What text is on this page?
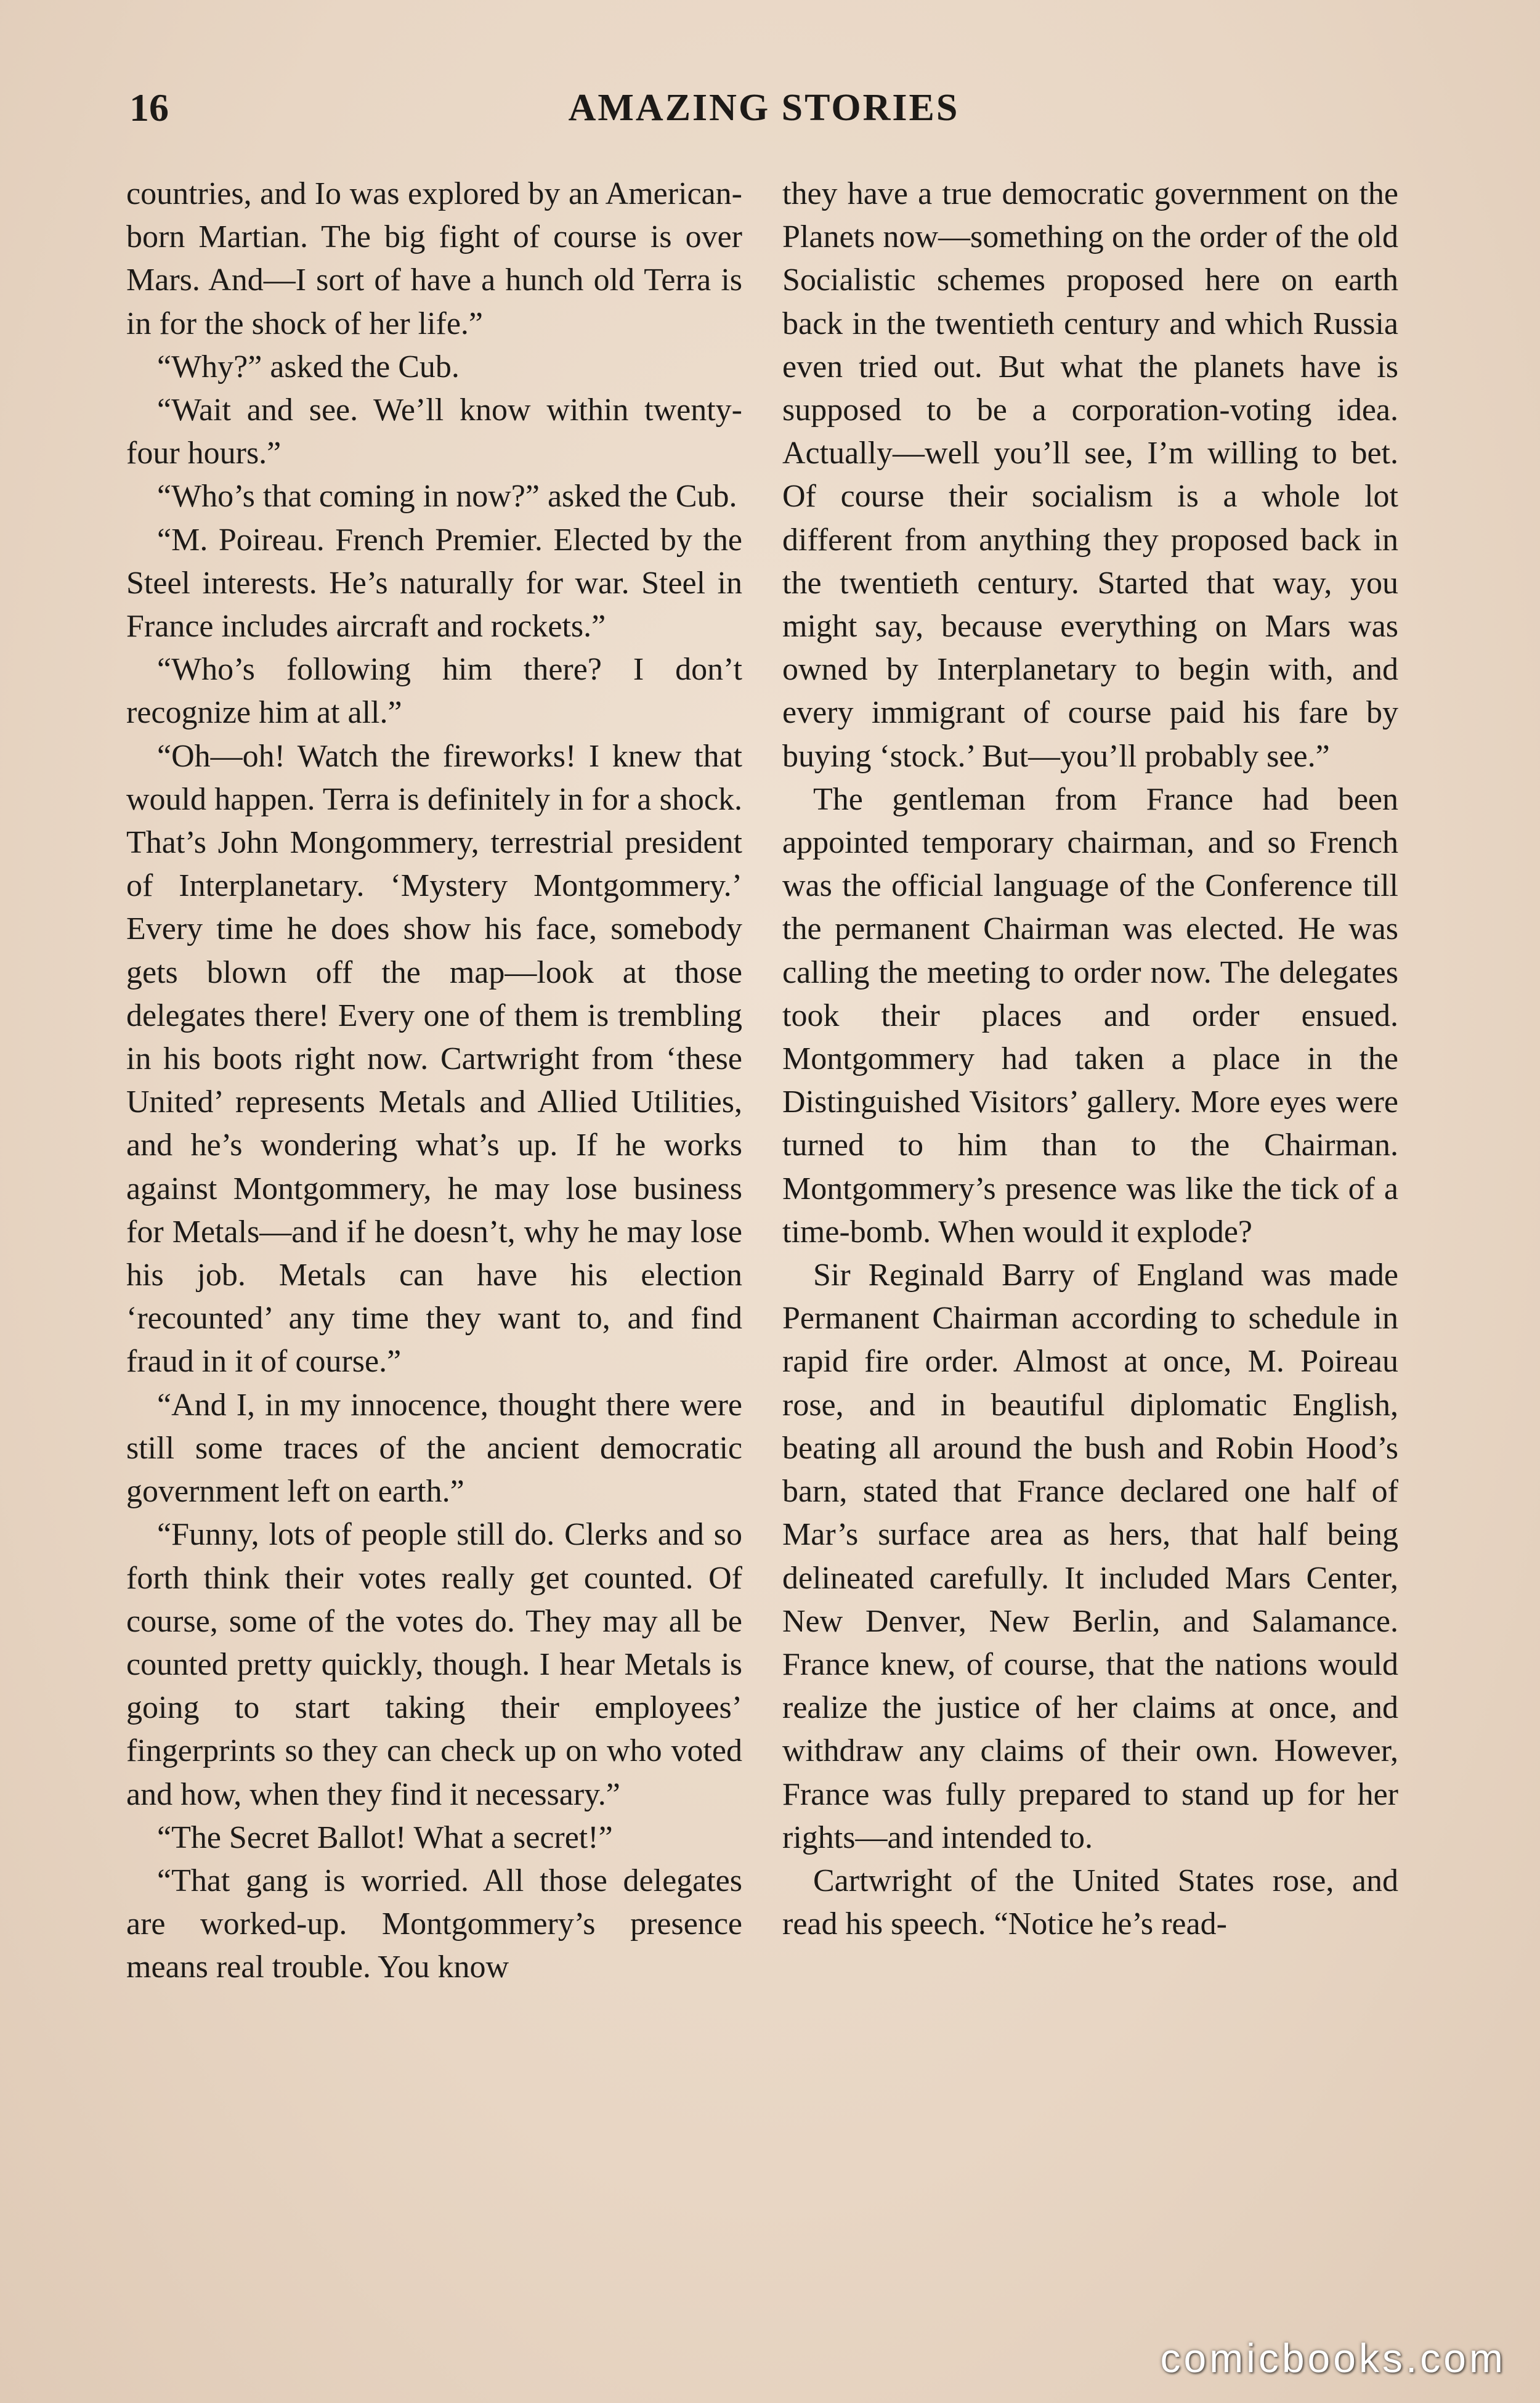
16	AMAZING STORIES

countries, and Io was explored by an American-born Martian. The big fight of course is over Mars. And—I sort of have a hunch old Terra is in for the shock of her life.”

“Why?” asked the Cub.

“Wait and see. We’ll know within twenty-four hours.”

“Who’s that coming in now?” asked the Cub.

“M. Poireau. French Premier. Elected by the Steel interests. He’s naturally for war. Steel in France includes aircraft and rockets.”

“Who’s following him there? I don’t recognize him at all.”

“Oh—oh! Watch the fireworks! I knew that would happen. Terra is definitely in for a shock. That’s John Mongommery, terrestrial president of Interplanetary. ‘Mystery Montgommery.’ Every time he does show his face, somebody gets blown off the map—look at those delegates there! Every one of them is trembling in his boots right now. Cartwright from ‘these United’ represents Metals and Allied Utilities, and he’s wondering what’s up. If he works against Montgommery, he may lose business for Metals—and if he doesn’t, why he may lose his job. Metals can have his election ‘recounted’ any time they want to, and find fraud in it of course.”

“And I, in my innocence, thought there were still some traces of the ancient democratic government left on earth.”

“Funny, lots of people still do. Clerks and so forth think their votes really get counted. Of course, some of the votes do. They may all be counted pretty quickly, though. I hear Metals is going to start taking their employees’ fingerprints so they can check up on who voted and how, when they find it necessary.”

“The Secret Ballot! What a secret!”

“That gang is worried. All those delegates are worked-up. Montgommery’s presence means real trouble. You know

they have a true democratic government on the Planets now—something on the order of the old Socialistic schemes proposed here on earth back in the twentieth century and which Russia even tried out. But what the planets have is supposed to be a corporation-voting idea. Actually—well you’ll see, I’m willing to bet. Of course their socialism is a whole lot different from anything they proposed back in the twentieth century. Started that way, you might say, because everything on Mars was owned by Interplanetary to begin with, and every immigrant of course paid his fare by buying ‘stock.’ But—you’ll probably see.”

The gentleman from France had been appointed temporary chairman, and so French was the official language of the Conference till the permanent Chairman was elected. He was calling the meeting to order now. The delegates took their places and order ensued. Montgommery had taken a place in the Distinguished Visitors’ gallery. More eyes were turned to him than to the Chairman. Montgommery’s presence was like the tick of a time-bomb. When would it explode?

Sir Reginald Barry of England was made Permanent Chairman according to schedule in rapid fire order. Almost at once, M. Poireau rose, and in beautiful diplomatic English, beating all around the bush and Robin Hood’s barn, stated that France declared one half of Mar’s surface area as hers, that half being delineated carefully. It included Mars Center, New Denver, New Berlin, and Salamance. France knew, of course, that the nations would realize the justice of her claims at once, and withdraw any claims of their own. However, France was fully prepared to stand up for her rights—and intended to.

Cartwright of the United States rose, and read his speech. “Notice he’s read-

comicbooks.com
